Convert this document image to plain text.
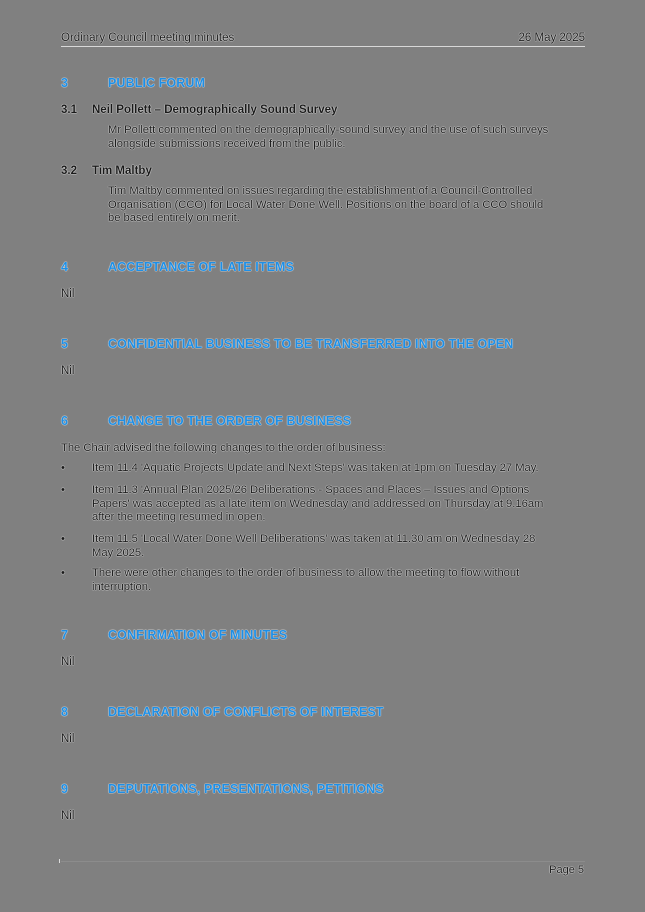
Ordinary Council meeting minutes	26 May 2025
3	PUBLIC FORUM
3.1 Neil Pollett – Demographically Sound Survey
Mr Pollett commented on the demographically-sound survey and the use of such surveys
alongside submissions received from the public.
3.2 Tim Maltby
Tim Maltby commented on issues regarding the establishment of a Council-Controlled
Organisation (CCO) for Local Water Done Well. Positions on the board of a CCO should
be based entirely on merit.
4	ACCEPTANCE OF LATE ITEMS
Nil
5	CONFIDENTIAL BUSINESS TO BE TRANSFERRED INTO THE OPEN
Nil
6	CHANGE TO THE ORDER OF BUSINESS
The Chair advised the following changes to the order of business:
• Item 11.4 'Aquatic Projects Update and Next Steps' was taken at 1pm on Tuesday 27 May.
• Item 11.3 'Annual Plan 2025/26 Deliberations - Spaces and Places – Issues and Options
Papers' was accepted as a late item on Wednesday and addressed on Thursday at 9.16am
after the meeting resumed in open.
• Item 11.5 'Local Water Done Well Deliberations' was taken at 11.30 am on Wednesday 28
May 2025.
• There were other changes to the order of business to allow the meeting to flow without
interruption.
7	CONFIRMATION OF MINUTES
Nil
8	DECLARATION OF CONFLICTS OF INTEREST
Nil
9	DEPUTATIONS, PRESENTATIONS, PETITIONS
Nil
Page 5
